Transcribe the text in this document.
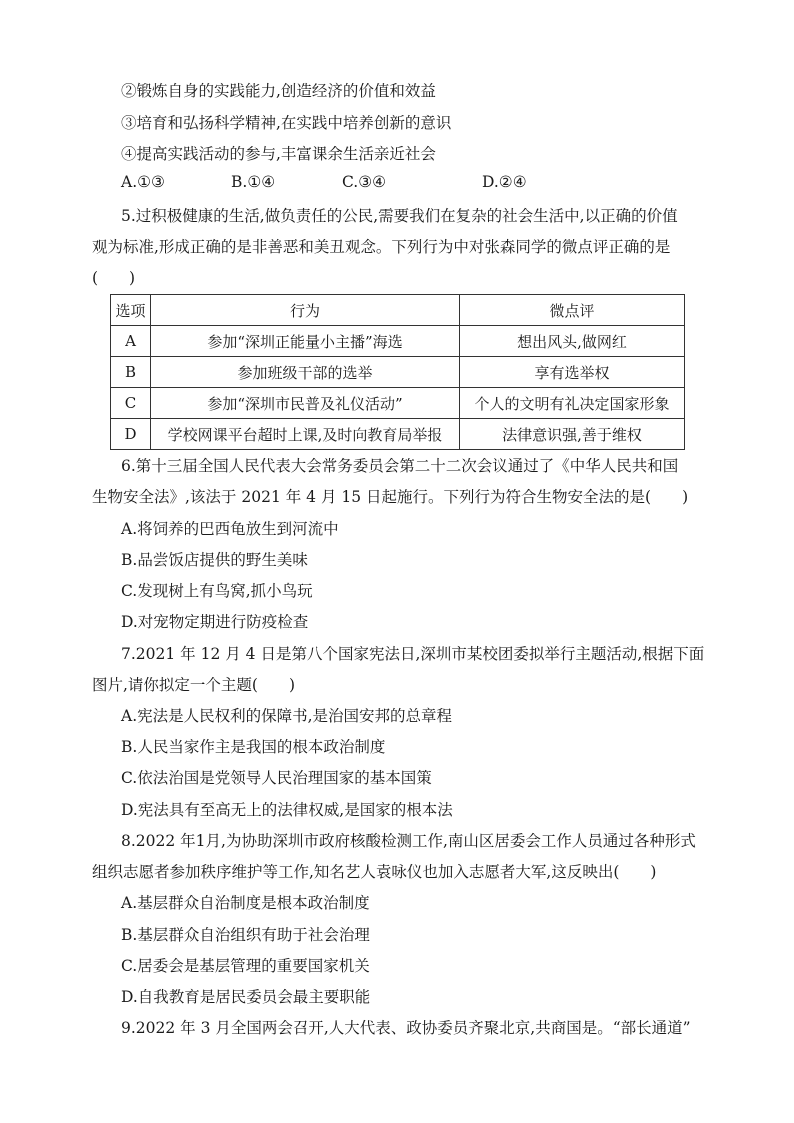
②锻炼自身的实践能力,创造经济的价值和效益
③培育和弘扬科学精神,在实践中培养创新的意识
④提高实践活动的参与,丰富课余生活亲近社会
A.①③	B.①④	C.③④	D.②④
5.过积极健康的生活,做负责任的公民,需要我们在复杂的社会生活中,以正确的价值
观为标准,形成正确的是非善恶和美丑观念。下列行为中对张森同学的微点评正确的是
(　　)
选项	行为	微点评
A	参加“深圳正能量小主播”海选	想出风头,做网红
B	参加班级干部的选举	享有选举权
C	参加“深圳市民普及礼仪活动”	个人的文明有礼决定国家形象
D	学校网课平台超时上课,及时向教育局举报	法律意识强,善于维权
6.第十三届全国人民代表大会常务委员会第二十二次会议通过了《中华人民共和国
生物安全法》,该法于 2021 年 4 月 15 日起施行。下列行为符合生物安全法的是(　　)
A.将饲养的巴西龟放生到河流中
B.品尝饭店提供的野生美味
C.发现树上有鸟窝,抓小鸟玩
D.对宠物定期进行防疫检查
7.2021 年 12 月 4 日是第八个国家宪法日,深圳市某校团委拟举行主题活动,根据下面
图片,请你拟定一个主题(　　)
A.宪法是人民权利的保障书,是治国安邦的总章程
B.人民当家作主是我国的根本政治制度
C.依法治国是党领导人民治理国家的基本国策
D.宪法具有至高无上的法律权威,是国家的根本法
8.2022 年1月,为协助深圳市政府核酸检测工作,南山区居委会工作人员通过各种形式
组织志愿者参加秩序维护等工作,知名艺人袁咏仪也加入志愿者大军,这反映出(　　)
A.基层群众自治制度是根本政治制度
B.基层群众自治组织有助于社会治理
C.居委会是基层管理的重要国家机关
D.自我教育是居民委员会最主要职能
9.2022 年 3 月全国两会召开,人大代表、政协委员齐聚北京,共商国是。“部长通道”
